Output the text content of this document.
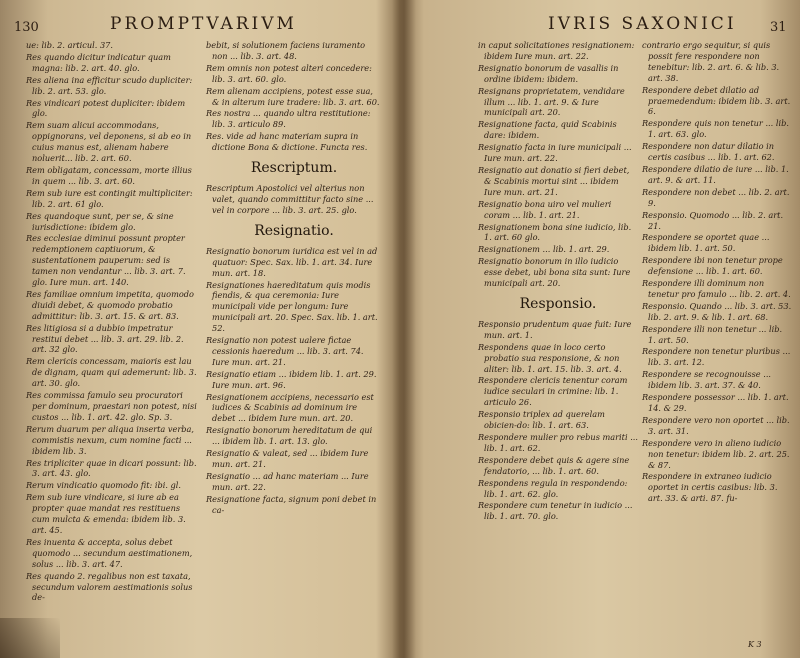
130	PROMPTVARIVM
ue: lib. 2. articul. 37.
Res quando dicitur indicatur quam magna: lib. 2. art. 40. glo.
Res aliena ina efficitur scudo dupliciter: lib. 2. art. 53. glo.
Res vindicari potest dupliciter: ibidem glo.
Rem suam alicui accommodans, oppignorans, vel deponens, si ab eo in cuius manus est, alienam habere noluerit... lib. 2. art. 60.
Rem obligatam, concessam, morte illius in quem ... lib. 3. art. 60.
Rem sub iure est contingit multipliciter: lib. 2. art. 61 glo.
Res quandoque sunt, per se, & sine iurisdictione: ibidem glo.
Res ecclesiae diminui possunt propter redemptionem captiuorum, & sustentationem pauperum: sed is tamen non vendantur ... lib. 3. art. 7. glo. Iure mun. art. 140.
Res familiae omnium impetita, quomodo diuidi debet, & quomodo probatio admittitur: lib. 3. art. 15. & art. 83.
Res litigiosa si a dubbio impetratur restitui debet ... lib. 3. art. 29. lib. 2. art. 32 glo.
Rem clericis concessam, maioris est lau de dignam, quam qui ademerunt: lib. 3. art. 30. glo.
Res commissa famulo seu procuratori per dominum, praestari non potest, nisi custos ... lib. 1. art. 42. glo. Sp. 3.
Rerum duarum per aliqua inserta verba, commistis nexum, cum nomine facti ... ibidem lib. 3.
Res tripliciter quae in dicari possunt: lib. 3. art. 43. glo.
Rerum vindicatio quomodo fit: ibi. gl.
Rem sub iure vindicare, si iure ab ea propter quae mandat res restituens cum mulcta & emenda: ibidem lib. 3. art. 45.
Res inuenta & accepta, solus debet quomodo ... secundum aestimationem, solus ... lib. 3. art. 47.
Res quando 2. regalibus non est taxata, secundum valorem aestimationis solus de-
bebit, si solutionem faciens iuramento non ... lib. 3. art. 48.
Rem omnis non potest alteri concedere: lib. 3. art. 60. glo.
Rem alienam accipiens, potest esse sua, & in alterum iure tradere: lib. 3. art. 60.
Res nostra ... quando ultra restitutione: lib. 3. articulo 89.
Res. vide ad hanc materiam supra in dictione Bona & dictione. Functa res.
Rescriptum.
Rescriptum Apostolici vel alterius non valet, quando committitur facto sine ... vel in corpore ... lib. 3. art. 25. glo.
Resignatio.
Resignatio bonorum iuridica est vel in ad quatuor: Spec. Sax. lib. 1. art. 34. Iure mun. art. 18.
Resignationes haereditatum quis modis fiendis, & qua ceremonia: Iure municipali vide per longum: Iure municipali art. 20. Spec. Sax. lib. 1. art. 52.
Resignatio non potest ualere fictae cessionis haeredum ... lib. 3. art. 74. Iure mun. art. 21.
Resignatio etiam ... ibidem lib. 1. art. 29. Iure mun. art. 96.
Resignationem accipiens, necessario est iudices & Scabinis ad dominum ire debet ... ibidem Iure mun. art. 20.
Resignatio bonorum hereditatum de qui ... ibidem lib. 1. art. 13. glo.
Resignatio & valeat, sed ... ibidem Iure mun. art. 21.
Resignatio ... ad hanc materiam ... Iure mun. art. 22.
Resignatione facta, signum poni debet in ca-
IVRIS SAXONICI	31
in caput solicitationes resignationem: ibidem Iure mun. art. 22.
Resignatio bonorum de vasallis in ordine ibidem: ibidem.
Resignans proprietatem, vendidare illum ... lib. 1. art. 9. & Iure municipali art. 20.
Resignatione facta, quid Scabinis dare: ibidem.
Resignatio facta in iure municipali ... Iure mun. art. 22.
Resignatio aut donatio si fieri debet, & Scabinis mortui sint ... ibidem Iure mun. art. 21.
Resignatio bona uiro vel mulieri coram ... lib. 1. art. 21.
Resignationem bona sine iudicio, lib. 1. art. 60 glo.
Resignationem ... lib. 1. art. 29.
Resignatio bonorum in illo iudicio esse debet, ubi bona sita sunt: Iure municipali art. 20.
Responsio.
Responsio prudentum quae fuit: Iure mun. art. 1.
Respondens quae in loco certo probatio sua responsione, & non aliter: lib. 1. art. 15. lib. 3. art. 4.
Respondere clericis tenentur coram iudice seculari in crimine: lib. 1. articulo 26.
Responsio triplex ad querelam obicien-do: lib. 1. art. 63.
Respondere mulier pro rebus mariti ... lib. 1. art. 62.
Respondere debet quis & agere sine fendatorio, ... lib. 1. art. 60.
Respondens regula in respondendo: lib. 1. art. 62. glo.
Respondere cum tenetur in iudicio ... lib. 1. art. 70. glo.
contrario ergo sequitur, si quis possit fere respondere non tenebitur: lib. 2. art. 6. & lib. 3. art. 38.
Respondere debet dilatio ad praemedendum: ibidem lib. 3. art. 6.
Respondere quis non tenetur ... lib. 1. art. 63. glo.
Respondere non datur dilatio in certis casibus ... lib. 1. art. 62.
Respondere dilatio de iure ... lib. 1. art. 9. & art. 11.
Respondere non debet ... lib. 2. art. 9.
Responsio. Quomodo ... lib. 2. art. 21.
Respondere se oportet quae ... ibidem lib. 1. art. 50.
Respondere ibi non tenetur prope defensione ... lib. 1. art. 60.
Respondere illi dominum non tenetur pro famulo ... lib. 2. art. 4.
Responsio. Quando ... lib. 3. art. 53. lib. 2. art. 9. & lib. 1. art. 68.
Respondere illi non tenetur ... lib. 1. art. 50.
Respondere non tenetur pluribus ... lib. 3. art. 12.
Respondere se recognouisse ... ibidem lib. 3. art. 37. & 40.
Respondere possessor ... lib. 1. art. 14. & 29.
Respondere vero non oportet ... lib. 3. art. 31.
Respondere vero in alieno iudicio non tenetur: ibidem lib. 2. art. 25. & 87.
Respondere in extraneo iudicio oportet in certis casibus: lib. 3. art. 33. & arti. 87. fu-
K 3
